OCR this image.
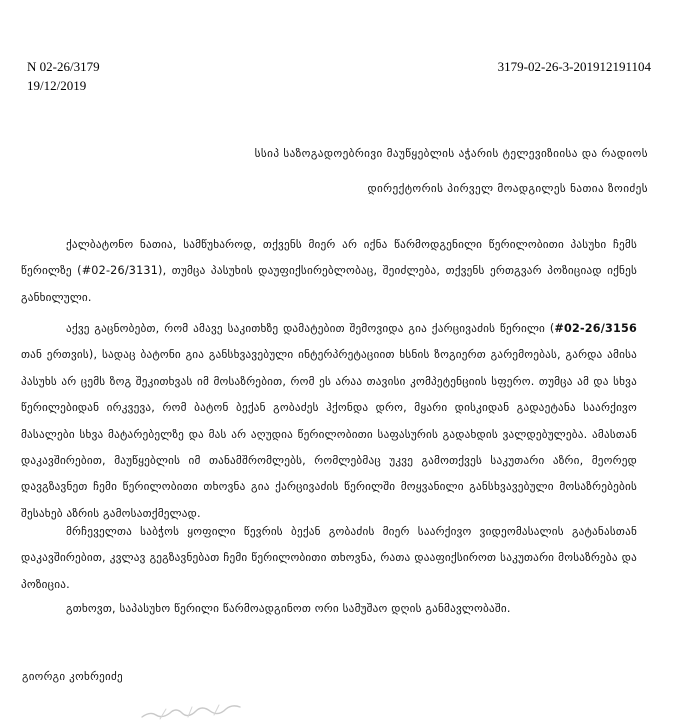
N 02-26/3179
19/12/2019
3179-02-26-3-201912191104
სსიპ საზოგადოებრივი მაუწყებლის აჭარის ტელევიზიისა და რადიოს
დირექტორის პირველ მოადგილეს ნათია ზოიძეს
ქალბატონო ნათია, სამწუხაროდ, თქვენს მიერ არ იქნა წარმოდგენილი წერილობითი პასუხი ჩემს წერილზე (#02-26/3131), თუმცა პასუხის დაუფიქსირებლობაც, შეიძლება, თქვენს ერთგვარ პოზიციად იქნეს განხილული.
აქვე გაცნობებთ, რომ ამავე საკითხზე დამატებით შემოვიდა გია ქარცივაძის წერილი (#02-26/3156 თან ერთვის), სადაც ბატონი გია განსხვავებული ინტერპრეტაციით ხსნის ზოგიერთ გარემოებას, გარდა ამისა პასუხს არ ცემს ზოგ შეკითხვას იმ მოსაზრებით, რომ ეს არაა თავისი კომპეტენციის სფერო. თუმცა ამ და სხვა წერილებიდან ირკვევა, რომ ბატონ ბექან გობაძეს ჰქონდა დრო, მყარი დისკიდან გადაეტანა საარქივო მასალები სხვა მატარებელზე და მას არ აღუდია წერილობითი საფასურის გადახდის ვალდებულება. ამასთან დაკავშირებით, მაუწყებლის იმ თანამშრომლებს, რომლებმაც უკვე გამოთქვეს საკუთარი აზრი, მეორედ დავგზავნეთ ჩემი წერილობითი თხოვნა გია ქარცივაძის წერილში მოყვანილი განსხვავებული მოსაზრებების შესახებ აზრის გამოსათქმელად.
მრჩეველთა საბჭოს ყოფილი წევრის ბექან გობაძის მიერ საარქივო ვიდეომასალის გატანასთან დაკავშირებით, კვლავ გეგზავნებათ ჩემი წერილობითი თხოვნა, რათა დააფიქსიროთ საკუთარი მოსაზრება და პოზიცია.
გთხოვთ, საპასუხო წერილი წარმოადგინოთ ორი სამუშაო დღის განმავლობაში.
გიორგი კოხრეიძე
